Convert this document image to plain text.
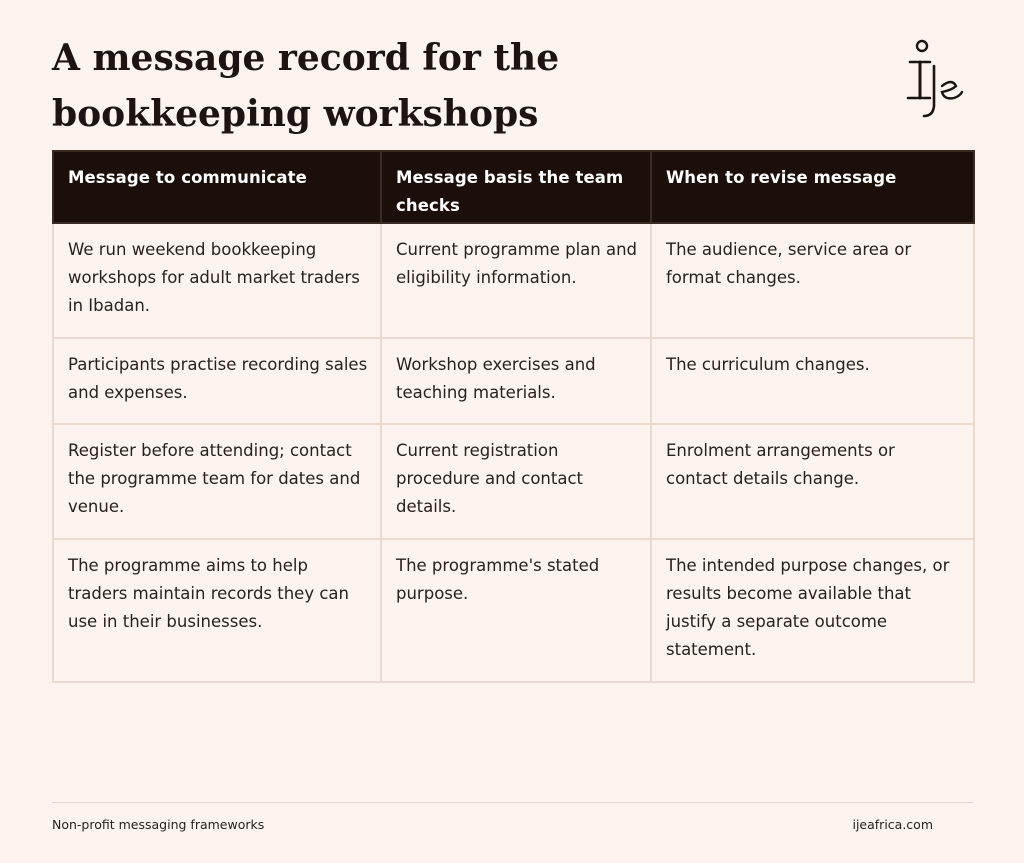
A message record for the bookkeeping workshops
Message to communicate	Message basis the team checks	When to revise message
We run weekend bookkeeping workshops for adult market traders in Ibadan.	Current programme plan and eligibility information.	The audience, service area or format changes.
Participants practise recording sales and expenses.	Workshop exercises and teaching materials.	The curriculum changes.
Register before attending; contact the programme team for dates and venue.	Current registration procedure and contact details.	Enrolment arrangements or contact details change.
The programme aims to help traders maintain records they can use in their businesses.	The programme's stated purpose.	The intended purpose changes, or results become available that justify a separate outcome statement.
Non-profit messaging frameworks	ijeafrica.com
